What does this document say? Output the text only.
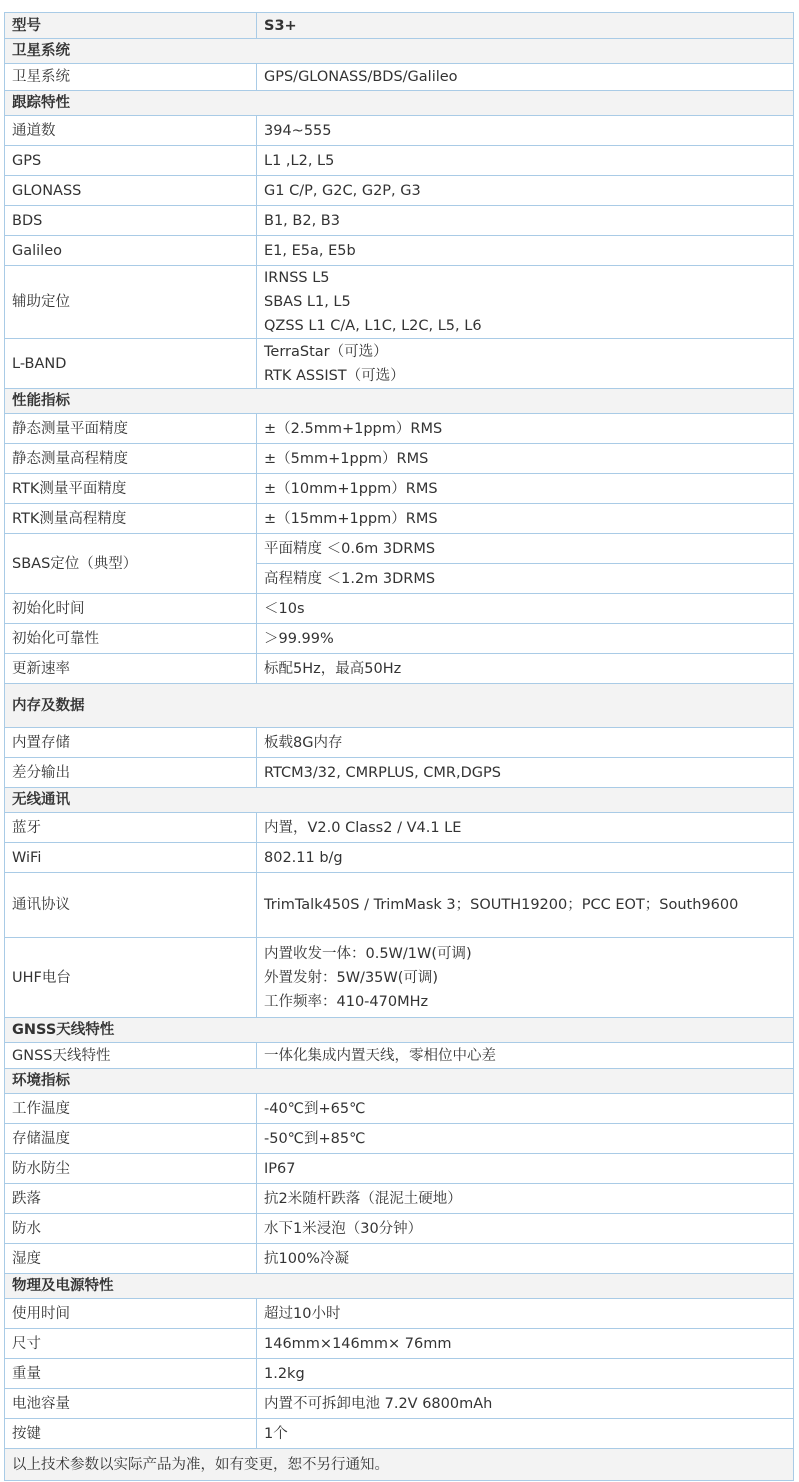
型号	S3+
卫星系统	
卫星系统	GPS/GLONASS/BDS/Galileo

跟踪特性	
通道数	394~555

GPS	L1 ,L2, L5

GLONASS	G1 C/P, G2C, G2P, G3

BDS	B1, B2, B3

Galileo	E1, E5a, E5b

辅助定位	IRNSS L5
SBAS L1, L5
QZSS L1 C/A, L1C, L2C, L5, L6

L-BAND	TerraStar（可选）
RTK ASSIST（可选）

性能指标	
静态测量平面精度	±（2.5mm+1ppm）RMS

静态测量高程精度	±（5mm+1ppm）RMS

RTK测量平面精度	±（10mm+1ppm）RMS

RTK测量高程精度	±（15mm+1ppm）RMS

SBAS定位（典型）	平面精度 ＜0.6m 3DRMS

	高程精度 ＜1.2m 3DRMS

初始化时间	＜10s

初始化可靠性	＞99.99%

更新速率	标配5Hz，最高50Hz

内存及数据	
内置存储	板载8G内存

差分输出	RTCM3/32, CMRPLUS, CMR,DGPS

无线通讯	
蓝牙	内置，V2.0 Class2 / V4.1 LE

WiFi	802.11 b/g

通讯协议	TrimTalk450S / TrimMask 3；SOUTH19200；PCC EOT；South9600

UHF电台	内置收发一体：0.5W/1W(可调)
外置发射：5W/35W(可调)
工作频率：410-470MHz

GNSS天线特性	
GNSS天线特性	一体化集成内置天线，零相位中心差

环境指标	
工作温度	-40℃到+65℃

存储温度	-50℃到+85℃

防水防尘	IP67

跌落	抗2米随杆跌落（混泥土硬地）

防水	水下1米浸泡（30分钟）

湿度	抗100%冷凝

物理及电源特性	
使用时间	超过10小时

尺寸	146mm×146mm× 76mm

重量	1.2kg

电池容量	内置不可拆卸电池 7.2V 6800mAh

按键	1个

以上技术参数以实际产品为准，如有变更，恕不另行通知。	
